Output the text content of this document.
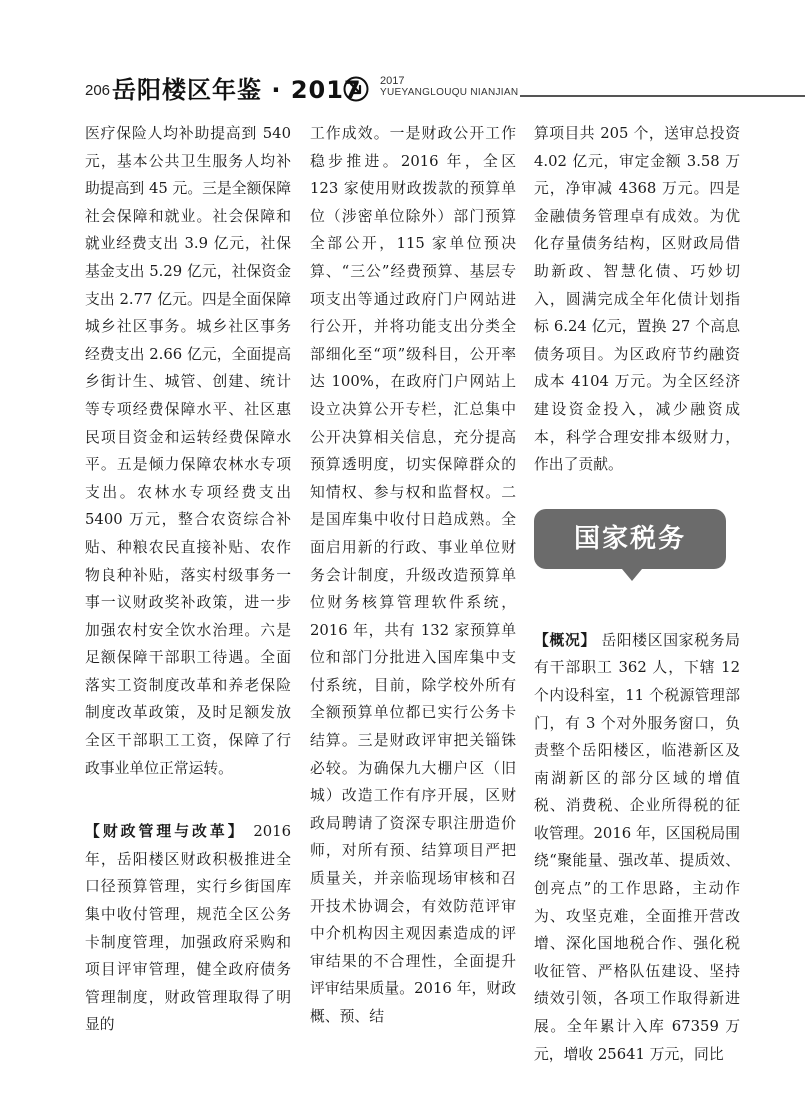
206 岳阳楼区年鉴 · 2017 2017
YUEYANGLOUQU NIANJIAN

医疗保险人均补助提高到 540 元，基本公共卫生服务人均补助提高到 45 元。三是全额保障社会保障和就业。社会保障和就业经费支出 3.9 亿元，社保基金支出 5.29 亿元，社保资金支出 2.77 亿元。四是全面保障城乡社区事务。城乡社区事务经费支出 2.66 亿元，全面提高乡街计生、城管、创建、统计等专项经费保障水平、社区惠民项目资金和运转经费保障水平。五是倾力保障农林水专项支出。农林水专项经费支出 5400 万元，整合农资综合补贴、种粮农民直接补贴、农作物良种补贴，落实村级事务一事一议财政奖补政策，进一步加强农村安全饮水治理。六是足额保障干部职工待遇。全面落实工资制度改革和养老保险制度改革政策，及时足额发放全区干部职工工资，保障了行政事业单位正常运转。

【财政管理与改革】 2016 年，岳阳楼区财政积极推进全口径预算管理，实行乡街国库集中收付管理，规范全区公务卡制度管理，加强政府采购和项目评审管理，健全政府债务管理制度，财政管理取得了明显的

工作成效。一是财政公开工作稳步推进。2016 年，全区 123 家使用财政拨款的预算单位（涉密单位除外）部门预算全部公开，115 家单位预决算、“三公”经费预算、基层专项支出等通过政府门户网站进行公开，并将功能支出分类全部细化至“项”级科目，公开率达 100%，在政府门户网站上设立决算公开专栏，汇总集中公开决算相关信息，充分提高预算透明度，切实保障群众的知情权、参与权和监督权。二是国库集中收付日趋成熟。全面启用新的行政、事业单位财务会计制度，升级改造预算单位财务核算管理软件系统，2016 年，共有 132 家预算单位和部门分批进入国库集中支付系统，目前，除学校外所有全额预算单位都已实行公务卡结算。三是财政评审把关锱铢必较。为确保九大棚户区（旧城）改造工作有序开展，区财政局聘请了资深专职注册造价师，对所有预、结算项目严把质量关，并亲临现场审核和召开技术协调会，有效防范评审中介机构因主观因素造成的评审结果的不合理性，全面提升评审结果质量。2016 年，财政概、预、结

算项目共 205 个，送审总投资 4.02 亿元，审定金额 3.58 万元，净审减 4368 万元。四是金融债务管理卓有成效。为优化存量债务结构，区财政局借助新政、智慧化债、巧妙切入，圆满完成全年化债计划指标 6.24 亿元，置换 27 个高息债务项目。为区政府节约融资成本 4104 万元。为全区经济建设资金投入，减少融资成本，科学合理安排本级财力，作出了贡献。

国家税务

【概况】 岳阳楼区国家税务局有干部职工 362 人，下辖 12 个内设科室，11 个税源管理部门，有 3 个对外服务窗口，负责整个岳阳楼区，临港新区及南湖新区的部分区域的增值税、消费税、企业所得税的征收管理。2016 年，区国税局围绕“聚能量、强改革、提质效、创亮点”的工作思路，主动作为、攻坚克难，全面推开营改增、深化国地税合作、强化税收征管、严格队伍建设、坚持绩效引领，各项工作取得新进展。全年累计入库 67359 万元，增收 25641 万元，同比
